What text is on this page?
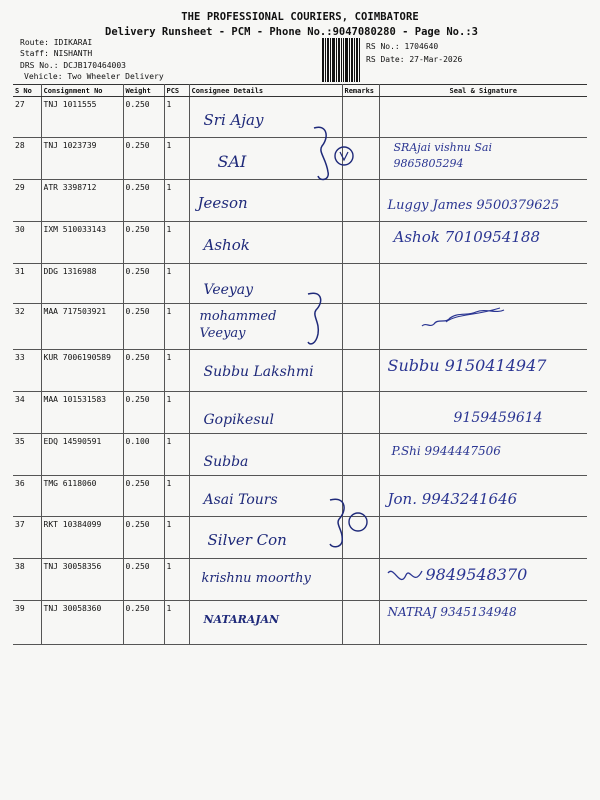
THE PROFESSIONAL COURIERS, COIMBATORE
Delivery Runsheet - PCM - Phone No.:9047080280 - Page No.:3
Route: IDIKARAI
Staff: NISHANTH
DRS No.: DCJB170464003
Vehicle: Two Wheeler Delivery
RS No.: 1704640
RS Date: 27-Mar-2026
S No	Consignment No	Weight	PCS	Consignee Details	Remarks	Seal & Signature
27	TNJ 1011555	0.250	1	Sri Ajay		

28	TNJ 1023739	0.250	1	SAI		SRAjai vishnu Sai 9865805294

29	ATR 3398712	0.250	1	Jeeson		Luggy James 9500379625

30	IXM 510033143	0.250	1	Ashok		Ashok 7010954188

31	DDG 1316988	0.250	1	Veeyay		

32	MAA 717503921	0.250	1	mohammed Veeyay

33	KUR 7006190589	0.250	1	Subbu Lakshmi		Subbu 9150414947

34	MAA 101531583	0.250	1	Gopikesul		9159459614

35	EDQ 14590591	0.100	1	Subba		P.Shi 9944447506

36	TMG 6118060	0.250	1	Asai Tours		Jon. 9943241646

37	RKT 10384099	0.250	1	Silver Con		

38	TNJ 30058356	0.250	1	krishnu moorthy		9849548370

39	TNJ 30058360	0.250	1	NATARAJAN		NATRAJ 9345134948
